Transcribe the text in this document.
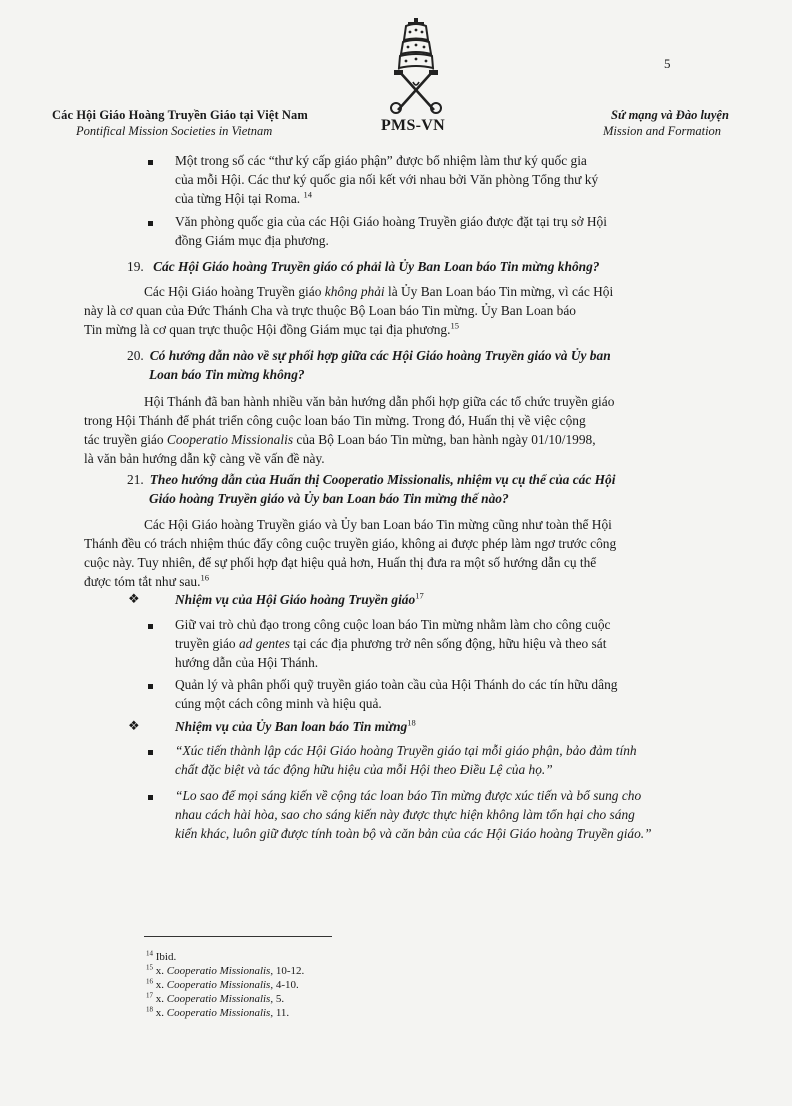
5
Các Hội Giáo Hoàng Truyền Giáo tại Việt Nam
Pontifical Mission Societies in Vietnam	PMS-VN
Sứ mạng và Đào luyện
Mission and Formation
Một trong số các “thư ký cấp giáo phận” được bổ nhiệm làm thư ký quốc gia
của mỗi Hội. Các thư ký quốc gia nối kết với nhau bởi Văn phòng Tổng thư ký
của từng Hội tại Roma. $^{14}$
Văn phòng quốc gia của các Hội Giáo hoàng Truyền giáo được đặt tại trụ sở Hội
đồng Giám mục địa phương.
19. Các Hội Giáo hoàng Truyền giáo có phải là Ủy Ban Loan báo Tin mừng không?
Các Hội Giáo hoàng Truyền giáo không phải là Ủy Ban Loan báo Tin mừng, vì các Hội
này là cơ quan của Đức Thánh Cha và trực thuộc Bộ Loan báo Tin mừng. Ủy Ban Loan báo
Tin mừng là cơ quan trực thuộc Hội đồng Giám mục tại địa phương.$^{15}$
20. Có hướng dẫn nào về sự phối hợp giữa các Hội Giáo hoàng Truyền giáo và Ủy ban
Loan báo Tin mừng không?
Hội Thánh đã ban hành nhiều văn bản hướng dẫn phối hợp giữa các tổ chức truyền giáo
trong Hội Thánh để phát triển công cuộc loan báo Tin mừng. Trong đó, Huấn thị về việc cộng
tác truyền giáo Cooperatio Missionalis của Bộ Loan báo Tin mừng, ban hành ngày 01/10/1998,
là văn bản hướng dẫn kỹ càng về vấn đề này.
21. Theo hướng dẫn của Huấn thị Cooperatio Missionalis, nhiệm vụ cụ thể của các Hội
Giáo hoàng Truyền giáo và Ủy ban Loan báo Tin mừng thế nào?
Các Hội Giáo hoàng Truyền giáo và Ủy ban Loan báo Tin mừng cũng như toàn thể Hội
Thánh đều có trách nhiệm thúc đẩy công cuộc truyền giáo, không ai được phép làm ngơ trước công
cuộc này. Tuy nhiên, để sự phối hợp đạt hiệu quả hơn, Huấn thị đưa ra một số hướng dẫn cụ thể
được tóm tắt như sau.$^{16}$
❖	Nhiệm vụ của Hội Giáo hoàng Truyền giáo$^{17}$
Giữ vai trò chủ đạo trong công cuộc loan báo Tin mừng nhằm làm cho công cuộc
truyền giáo ad gentes tại các địa phương trở nên sống động, hữu hiệu và theo sát
hướng dẫn của Hội Thánh.
Quản lý và phân phối quỹ truyền giáo toàn cầu của Hội Thánh do các tín hữu dâng
cúng một cách công minh và hiệu quả.
❖	Nhiệm vụ của Ủy Ban loan báo Tin mừng$^{18}$
“Xúc tiến thành lập các Hội Giáo hoàng Truyền giáo tại mỗi giáo phận, bảo đảm tính
chất đặc biệt và tác động hữu hiệu của mỗi Hội theo Điều Lệ của họ.”
“Lo sao để mọi sáng kiến về cộng tác loan báo Tin mừng được xúc tiến và bổ sung cho
nhau cách hài hòa, sao cho sáng kiến này được thực hiện không làm tổn hại cho sáng
kiến khác, luôn giữ được tính toàn bộ và căn bản của các Hội Giáo hoàng Truyền giáo.”
$^{14}$ Ibid.
$^{15}$ x. Cooperatio Missionalis, 10-12.
$^{16}$ x. Cooperatio Missionalis, 4-10.
$^{17}$ x. Cooperatio Missionalis, 5.
$^{18}$ x. Cooperatio Missionalis, 11.
